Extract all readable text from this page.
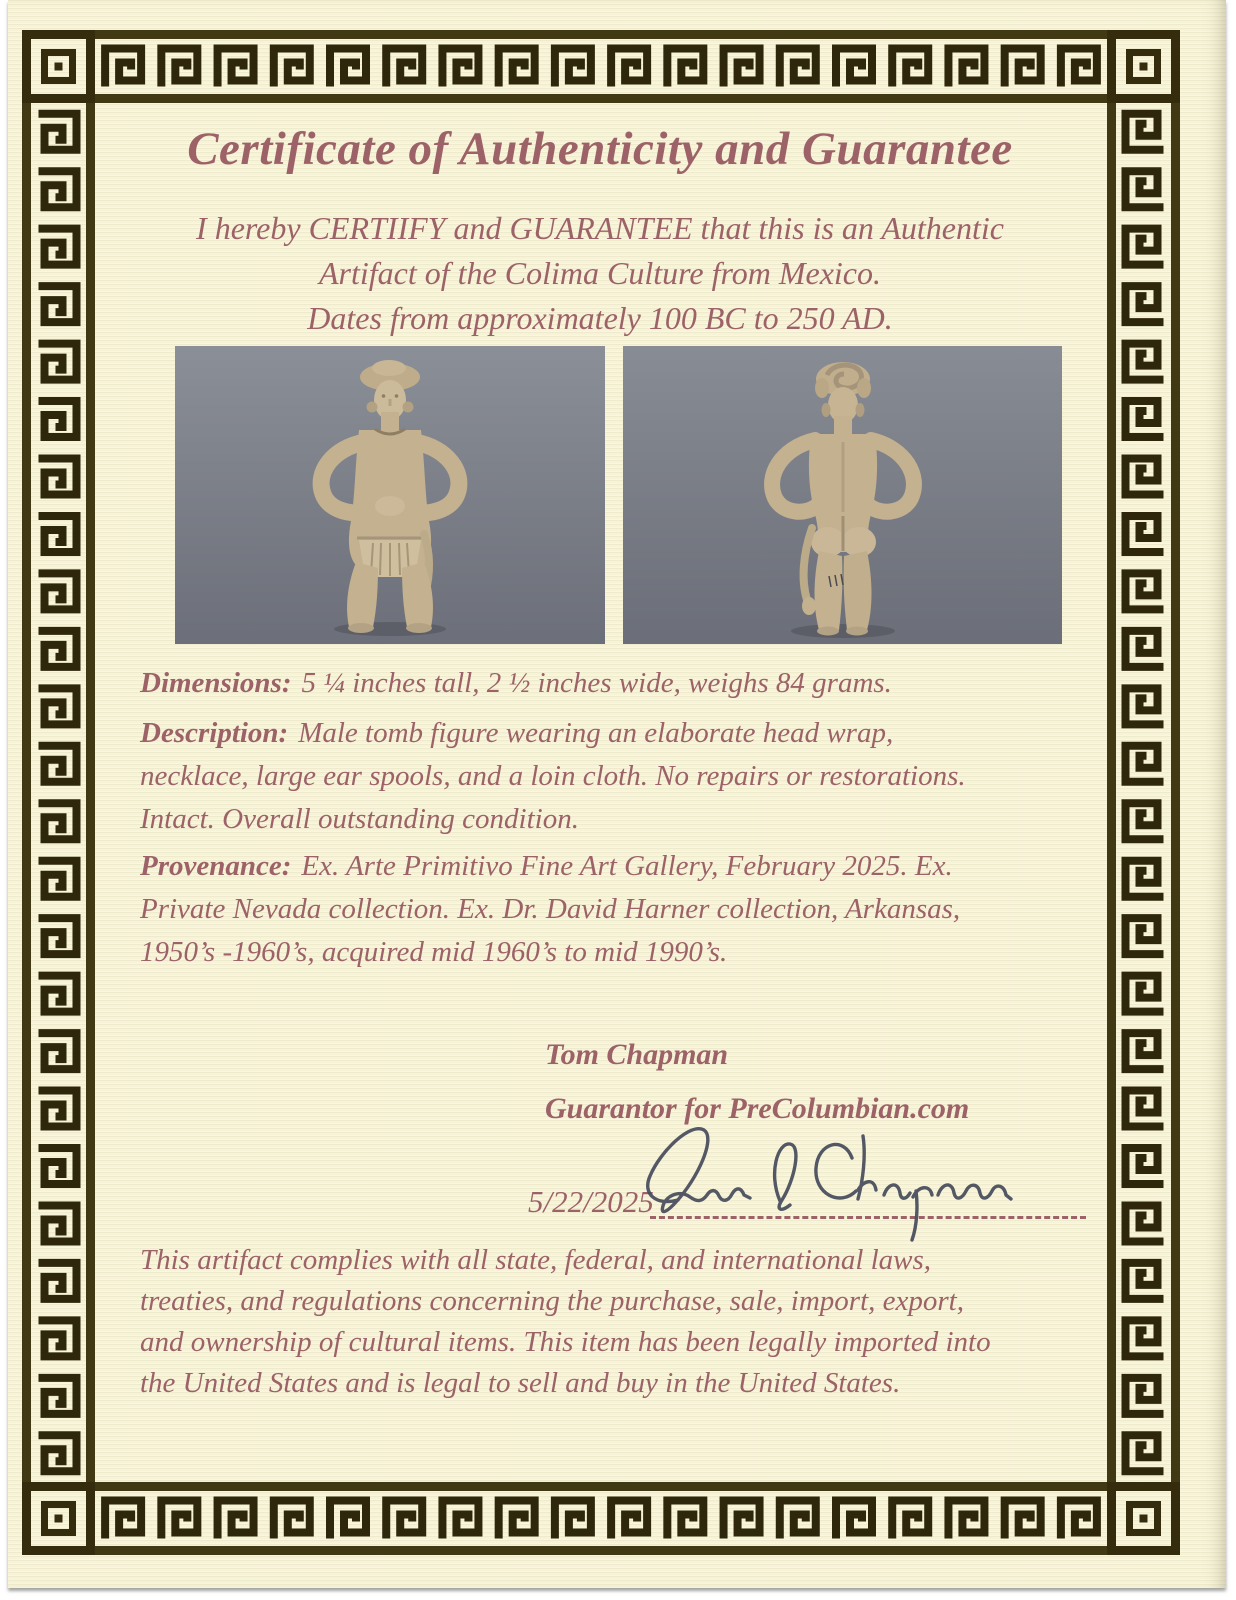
Certificate of Authenticity and Guarantee
I hereby CERTIIFY and GUARANTEE that this is an Authentic
Artifact of the Colima Culture from Mexico.
Dates from approximately 100 BC to 250 AD.
Dimensions: 5 ¼ inches tall, 2 ½ inches wide, weighs 84 grams.
Description: Male tomb figure wearing an elaborate head wrap,
necklace, large ear spools, and a loin cloth. No repairs or restorations.
Intact. Overall outstanding condition.
Provenance: Ex. Arte Primitivo Fine Art Gallery, February 2025. Ex.
Private Nevada collection. Ex. Dr. David Harner collection, Arkansas,
1950’s -1960’s, acquired mid 1960’s to mid 1990’s.
Tom Chapman
Guarantor for PreColumbian.com
5/22/2025
This artifact complies with all state, federal, and international laws,
treaties, and regulations concerning the purchase, sale, import, export,
and ownership of cultural items. This item has been legally imported into
the United States and is legal to sell and buy in the United States.
